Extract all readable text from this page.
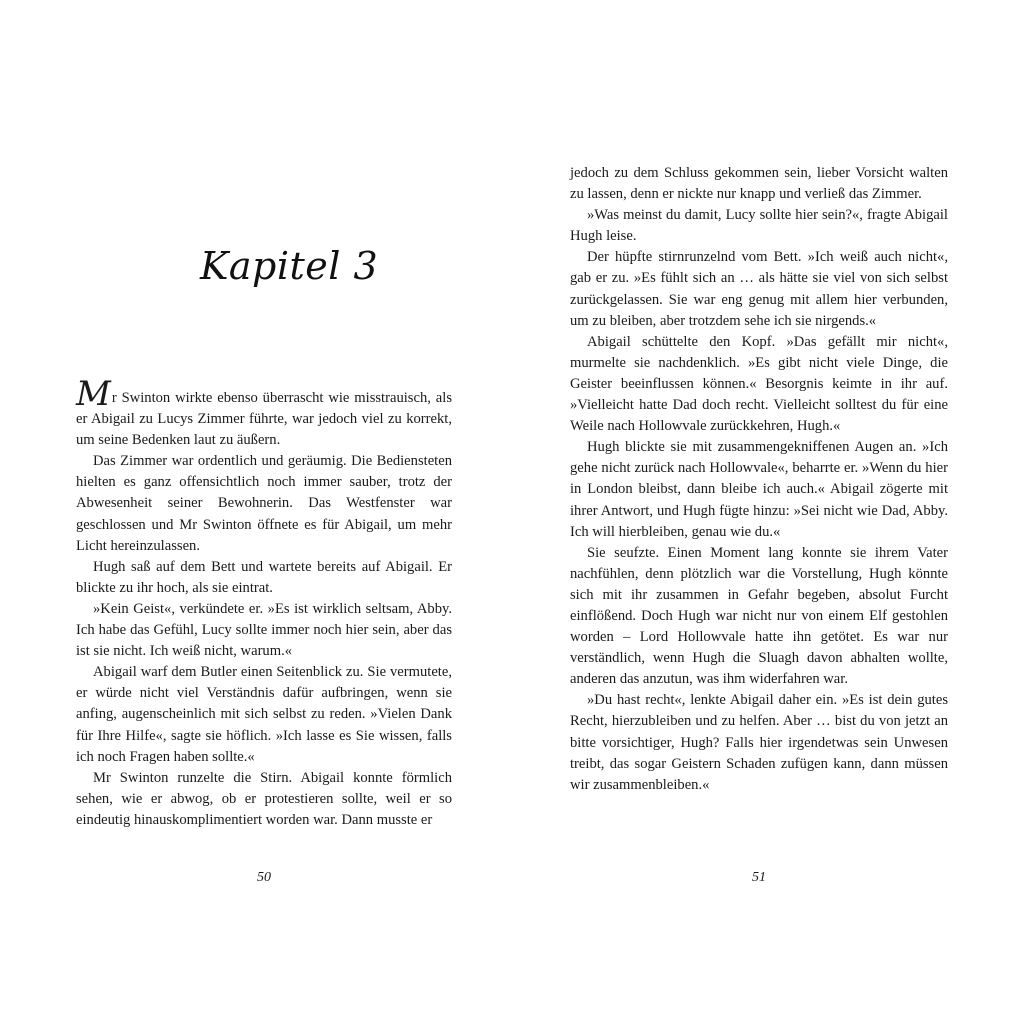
Kapitel 3

Mr Swinton wirkte ebenso überrascht wie misstrauisch, als er Abigail zu Lucys Zimmer führte, war jedoch viel zu korrekt, um seine Bedenken laut zu äußern.

Das Zimmer war ordentlich und geräumig. Die Bediensteten hielten es ganz offensichtlich noch immer sauber, trotz der Abwesenheit seiner Bewohnerin. Das Westfenster war geschlossen und Mr Swinton öffnete es für Abigail, um mehr Licht hereinzulassen.

Hugh saß auf dem Bett und wartete bereits auf Abigail. Er blickte zu ihr hoch, als sie eintrat.

»Kein Geist«, verkündete er. »Es ist wirklich seltsam, Abby. Ich habe das Gefühl, Lucy sollte immer noch hier sein, aber das ist sie nicht. Ich weiß nicht, warum.«

Abigail warf dem Butler einen Seitenblick zu. Sie vermutete, er würde nicht viel Verständnis dafür aufbringen, wenn sie anfing, augenscheinlich mit sich selbst zu reden. »Vielen Dank für Ihre Hilfe«, sagte sie höflich. »Ich lasse es Sie wissen, falls ich noch Fragen haben sollte.«

Mr Swinton runzelte die Stirn. Abigail konnte förmlich sehen, wie er abwog, ob er protestieren sollte, weil er so eindeutig hinauskomplimentiert worden war. Dann musste er

50

jedoch zu dem Schluss gekommen sein, lieber Vorsicht walten zu lassen, denn er nickte nur knapp und verließ das Zimmer.

»Was meinst du damit, Lucy sollte hier sein?«, fragte Abigail Hugh leise.

Der hüpfte stirnrunzelnd vom Bett. »Ich weiß auch nicht«, gab er zu. »Es fühlt sich an … als hätte sie viel von sich selbst zurückgelassen. Sie war eng genug mit allem hier verbunden, um zu bleiben, aber trotzdem sehe ich sie nirgends.«

Abigail schüttelte den Kopf. »Das gefällt mir nicht«, murmelte sie nachdenklich. »Es gibt nicht viele Dinge, die Geister beeinflussen können.« Besorgnis keimte in ihr auf. »Vielleicht hatte Dad doch recht. Vielleicht solltest du für eine Weile nach Hollowvale zurückkehren, Hugh.«

Hugh blickte sie mit zusammengekniffenen Augen an. »Ich gehe nicht zurück nach Hollowvale«, beharrte er. »Wenn du hier in London bleibst, dann bleibe ich auch.« Abigail zögerte mit ihrer Antwort, und Hugh fügte hinzu: »Sei nicht wie Dad, Abby. Ich will hierbleiben, genau wie du.«

Sie seufzte. Einen Moment lang konnte sie ihrem Vater nachfühlen, denn plötzlich war die Vorstellung, Hugh könnte sich mit ihr zusammen in Gefahr begeben, absolut Furcht einflößend. Doch Hugh war nicht nur von einem Elf gestohlen worden – Lord Hollowvale hatte ihn getötet. Es war nur verständlich, wenn Hugh die Sluagh davon abhalten wollte, anderen das anzutun, was ihm widerfahren war.

»Du hast recht«, lenkte Abigail daher ein. »Es ist dein gutes Recht, hierzubleiben und zu helfen. Aber … bist du von jetzt an bitte vorsichtiger, Hugh? Falls hier irgendetwas sein Unwesen treibt, das sogar Geistern Schaden zufügen kann, dann müssen wir zusammenbleiben.«

51
